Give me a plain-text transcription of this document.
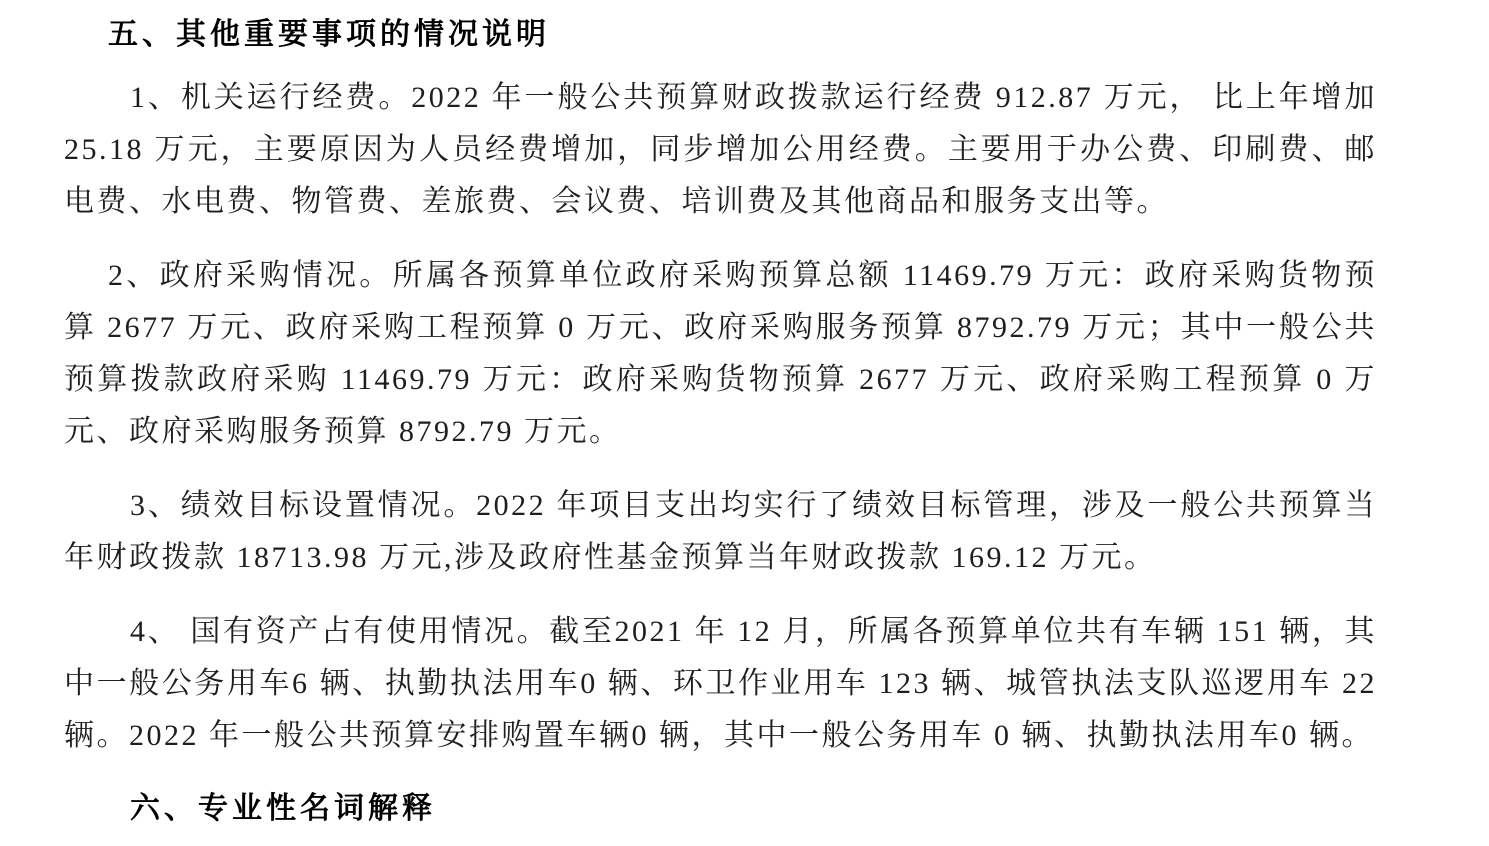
五、其他重要事项的情况说明

1、机关运行经费。2022 年一般公共预算财政拨款运行经费 912.87 万元， 比上年增加 25.18 万元，主要原因为人员经费增加，同步增加公用经费。主要用于办公费、印刷费、邮电费、水电费、物管费、差旅费、会议费、培训费及其他商品和服务支出等。

2、政府采购情况。所属各预算单位政府采购预算总额 11469.79 万元：政府采购货物预算 2677 万元、政府采购工程预算 0 万元、政府采购服务预算 8792.79 万元；其中一般公共预算拨款政府采购 11469.79 万元：政府采购货物预算 2677 万元、政府采购工程预算 0 万元、政府采购服务预算 8792.79 万元。

3、绩效目标设置情况。2022 年项目支出均实行了绩效目标管理，涉及一般公共预算当年财政拨款 18713.98 万元,涉及政府性基金预算当年财政拨款 169.12 万元。

4、 国有资产占有使用情况。截至2021 年 12 月，所属各预算单位共有车辆 151 辆，其中一般公务用车6 辆、执勤执法用车0 辆、环卫作业用车 123 辆、城管执法支队巡逻用车 22 辆。2022 年一般公共预算安排购置车辆0 辆，其中一般公务用车 0 辆、执勤执法用车0 辆。

六、专业性名词解释
